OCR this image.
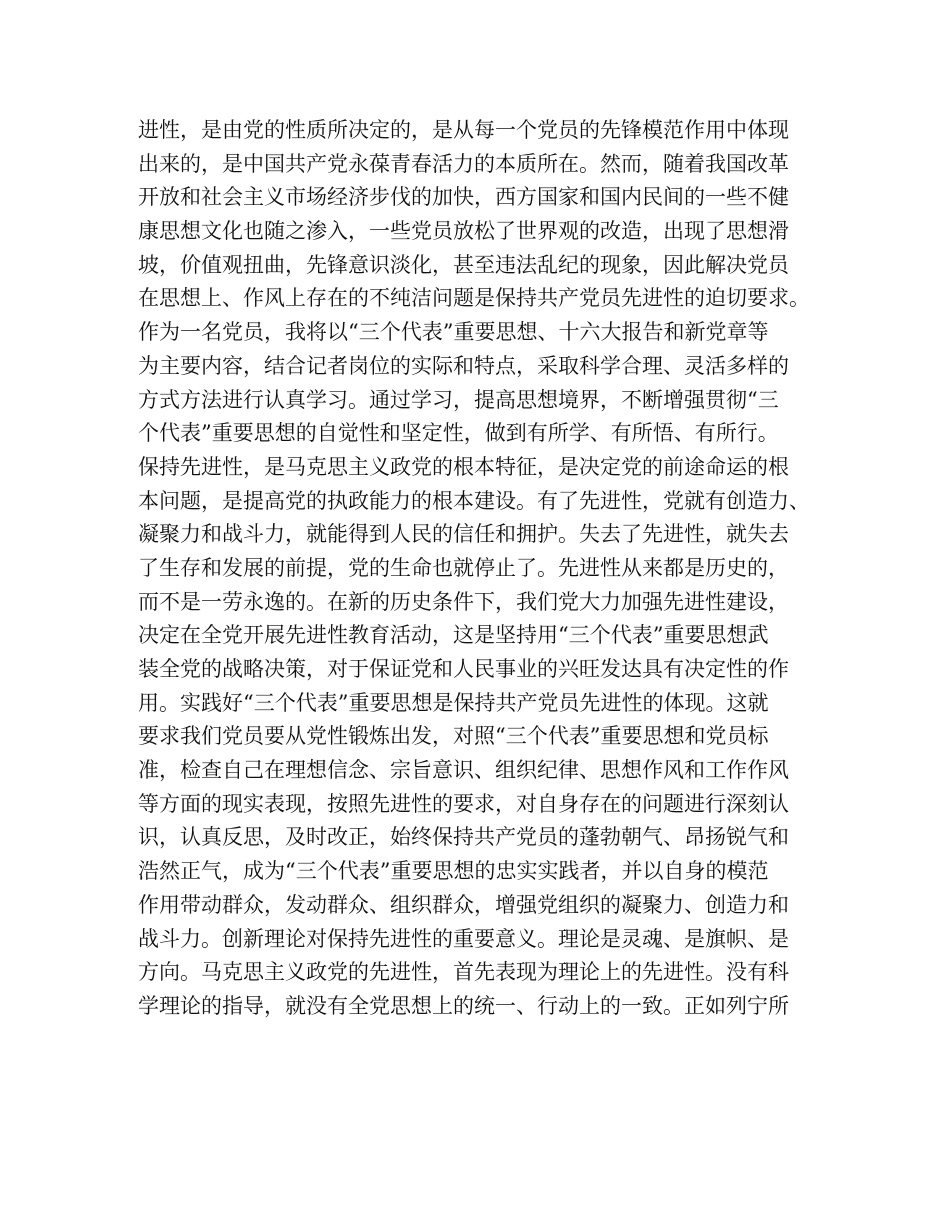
进性，是由党的性质所决定的，是从每一个党员的先锋模范作用中体现
出来的，是中国共产党永葆青春活力的本质所在。然而，随着我国改革
开放和社会主义市场经济步伐的加快，西方国家和国内民间的一些不健
康思想文化也随之渗入，一些党员放松了世界观的改造，出现了思想滑
坡，价值观扭曲，先锋意识淡化，甚至违法乱纪的现象，因此解决党员
在思想上、作风上存在的不纯洁问题是保持共产党员先进性的迫切要求。
作为一名党员，我将以“三个代表”重要思想、十六大报告和新党章等
为主要内容，结合记者岗位的实际和特点，采取科学合理、灵活多样的
方式方法进行认真学习。通过学习，提高思想境界，不断增强贯彻“三
个代表”重要思想的自觉性和坚定性，做到有所学、有所悟、有所行。
保持先进性，是马克思主义政党的根本特征，是决定党的前途命运的根
本问题，是提高党的执政能力的根本建设。有了先进性，党就有创造力、
凝聚力和战斗力，就能得到人民的信任和拥护。失去了先进性，就失去
了生存和发展的前提，党的生命也就停止了。先进性从来都是历史的，
而不是一劳永逸的。在新的历史条件下，我们党大力加强先进性建设，
决定在全党开展先进性教育活动，这是坚持用“三个代表”重要思想武
装全党的战略决策，对于保证党和人民事业的兴旺发达具有决定性的作
用。实践好“三个代表”重要思想是保持共产党员先进性的体现。这就
要求我们党员要从党性锻炼出发，对照“三个代表”重要思想和党员标
准，检查自己在理想信念、宗旨意识、组织纪律、思想作风和工作作风
等方面的现实表现，按照先进性的要求，对自身存在的问题进行深刻认
识，认真反思，及时改正，始终保持共产党员的蓬勃朝气、昂扬锐气和
浩然正气，成为“三个代表”重要思想的忠实实践者，并以自身的模范
作用带动群众，发动群众、组织群众，增强党组织的凝聚力、创造力和
战斗力。创新理论对保持先进性的重要意义。理论是灵魂、是旗帜、是
方向。马克思主义政党的先进性，首先表现为理论上的先进性。没有科
学理论的指导，就没有全党思想上的统一、行动上的一致。正如列宁所
